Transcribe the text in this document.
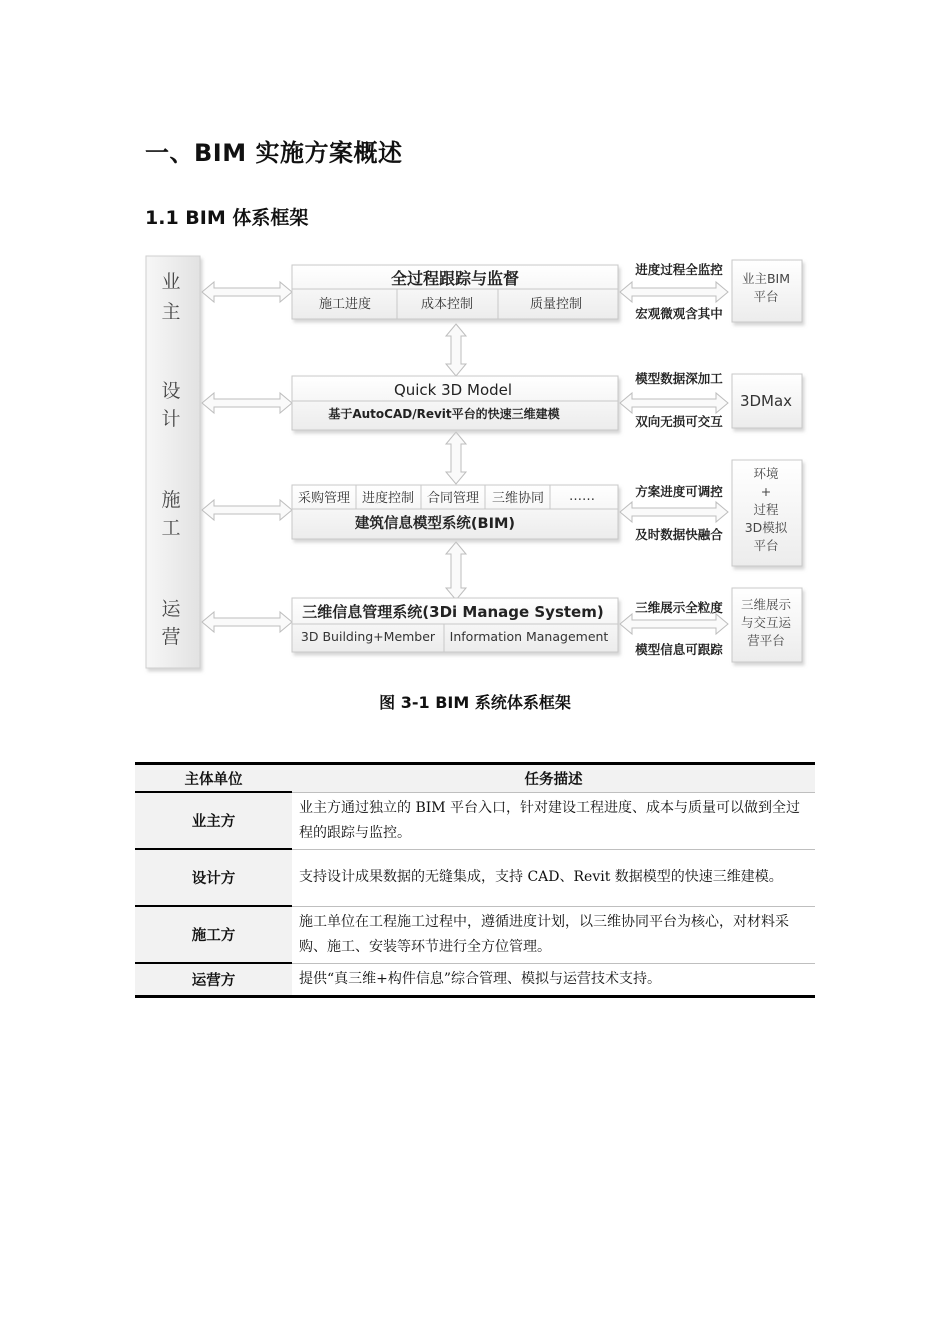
一、BIM 实施方案概述
1.1 BIM 体系框架
业
主
设
计
施
工
运
营
全过程跟踪与监督
施工进度	成本控制	质量控制
Quick 3D Model
基于AutoCAD/Revit平台的快速三维建模
采购管理 进度控制 合同管理 三维协同 ……
建筑信息模型系统(BIM)
三维信息管理系统(3Di Manage System)
3D Building+Member Information Management
进度过程全监控
宏观微观含其中
模型数据深加工
双向无损可交互
方案进度可调控
及时数据快融合
三维展示全粒度
模型信息可跟踪
业主BIM
平台
3DMax
环境
+
过程
3D模拟
平台
三维展示
与交互运
营平台
图 3-1 BIM 系统体系框架
主体单位	任务描述
业主方	业主方通过独立的 BIM 平台入口，针对建设工程进度、成本与质量可以做到全过程的跟踪与监控。
设计方	支持设计成果数据的无缝集成，支持 CAD、Revit 数据模型的快速三维建模。
施工方	施工单位在工程施工过程中，遵循进度计划，以三维协同平台为核心，对材料采购、施工、安装等环节进行全方位管理。
运营方	提供“真三维+构件信息”综合管理、模拟与运营技术支持。
